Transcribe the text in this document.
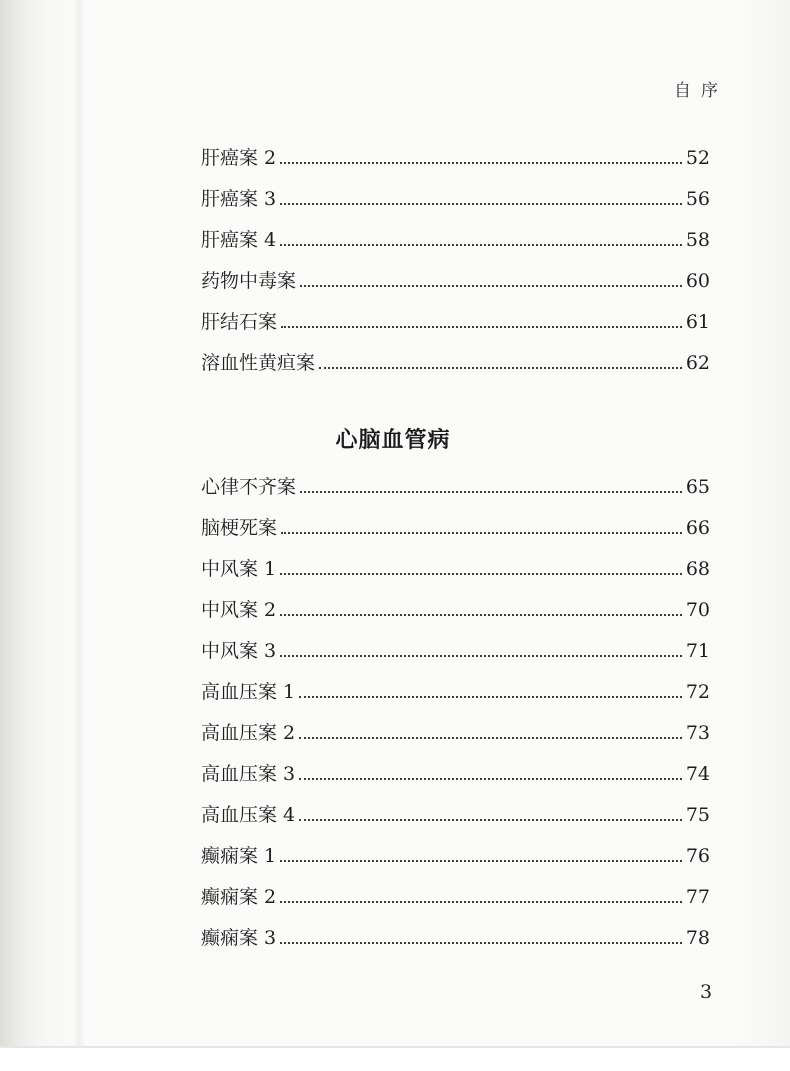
自序
肝癌案 2	52
肝癌案 3	56
肝癌案 4	58
药物中毒案	60
肝结石案	61
溶血性黄疸案	62
心脑血管病
心律不齐案	65
脑梗死案	66
中风案 1	68
中风案 2	70
中风案 3	71
高血压案 1	72
高血压案 2	73
高血压案 3	74
高血压案 4	75
癫痫案 1	76
癫痫案 2	77
癫痫案 3	78
3
